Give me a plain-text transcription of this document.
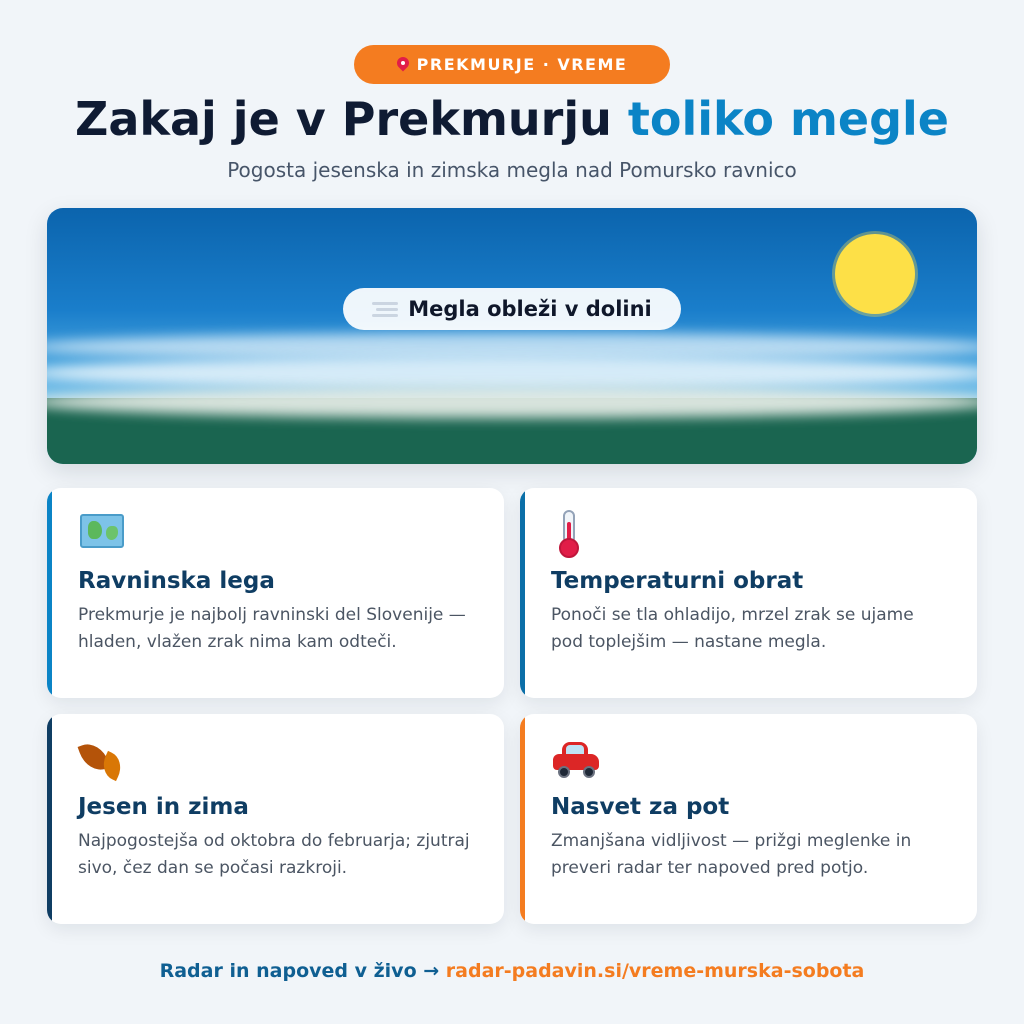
PREKMURJE · VREME
Zakaj je v Prekmurju toliko megle
Pogosta jesenska in zimska megla nad Pomursko ravnico
Megla obleži v dolini
Ravninska lega

Prekmurje je najbolj ravninski del Slovenije — hladen, vlažen zrak nima kam odteči.

Temperaturni obrat

Ponoči se tla ohladijo, mrzel zrak se ujame pod toplejšim — nastane megla.

Jesen in zima

Najpogostejša od oktobra do februarja; zjutraj sivo, čez dan se počasi razkroji.

Nasvet za pot

Zmanjšana vidljivost — prižgi meglenke in preveri radar ter napoved pred potjo.

Radar in napoved v živo → radar-padavin.si/vreme-murska-sobota
